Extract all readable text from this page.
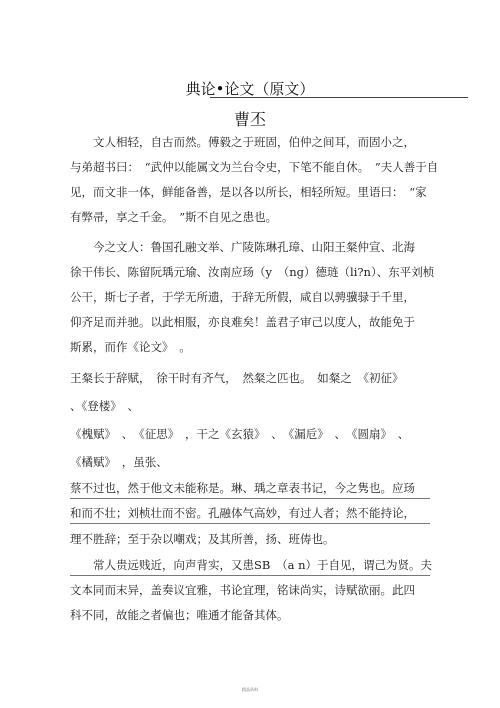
典论•论文（原文）
曹丕
　　文人相轻，自古而然。傅毅之于班固，伯仲之间耳，而固小之，
与弟超书曰：　“武仲以能属文为兰台令史，下笔不能自休。　”夫人善于自
见，而文非一体，鲜能备善，是以各以所长，相轻所短。里语曰：　“家
有弊帚，享之千金。　”斯不自见之患也。
　　今之文人：鲁国孔融文举、广陵陈琳孔璋、山阳王粲仲宣、北海
徐干伟长、陈留阮瑀元瑜、汝南应玚（y　（ng）德琏（li?n）、东平刘桢
公干，斯七子者，于学无所遗，于辞无所假，咸自以骋骥𫘧于千里，
仰齐足而并驰。以此相服，亦良难矣！盖君子审己以度人，故能免于
斯累，而作《论文》　。
王粲长于辞赋，　徐干时有齐气，　然粲之匹也。　如粲之　《初征》
、《登楼》　、
《槐赋》　、　《征思》　，干之《玄猿》　、　《漏卮》　、　《圆扇》　、
《橘赋》　，虽张、
蔡不过也，然于他文未能称是。琳、瑀之章表书记，今之隽也。应玚
和而不壮；刘桢壮而不密。孔融体气高妙，有过人者；然不能持论，
理不胜辞；至于杂以嘲戏；及其所善，扬、班俦也。
　　常人贵远贱近，向声背实，又患SB　（a n）于自见，谓己为贤。夫
文本同而末异，盖奏议宜雅，书论宜理，铭诔尚实，诗赋欲丽。此四
科不同，故能之者偏也；唯通才能备其体。
精品资料
